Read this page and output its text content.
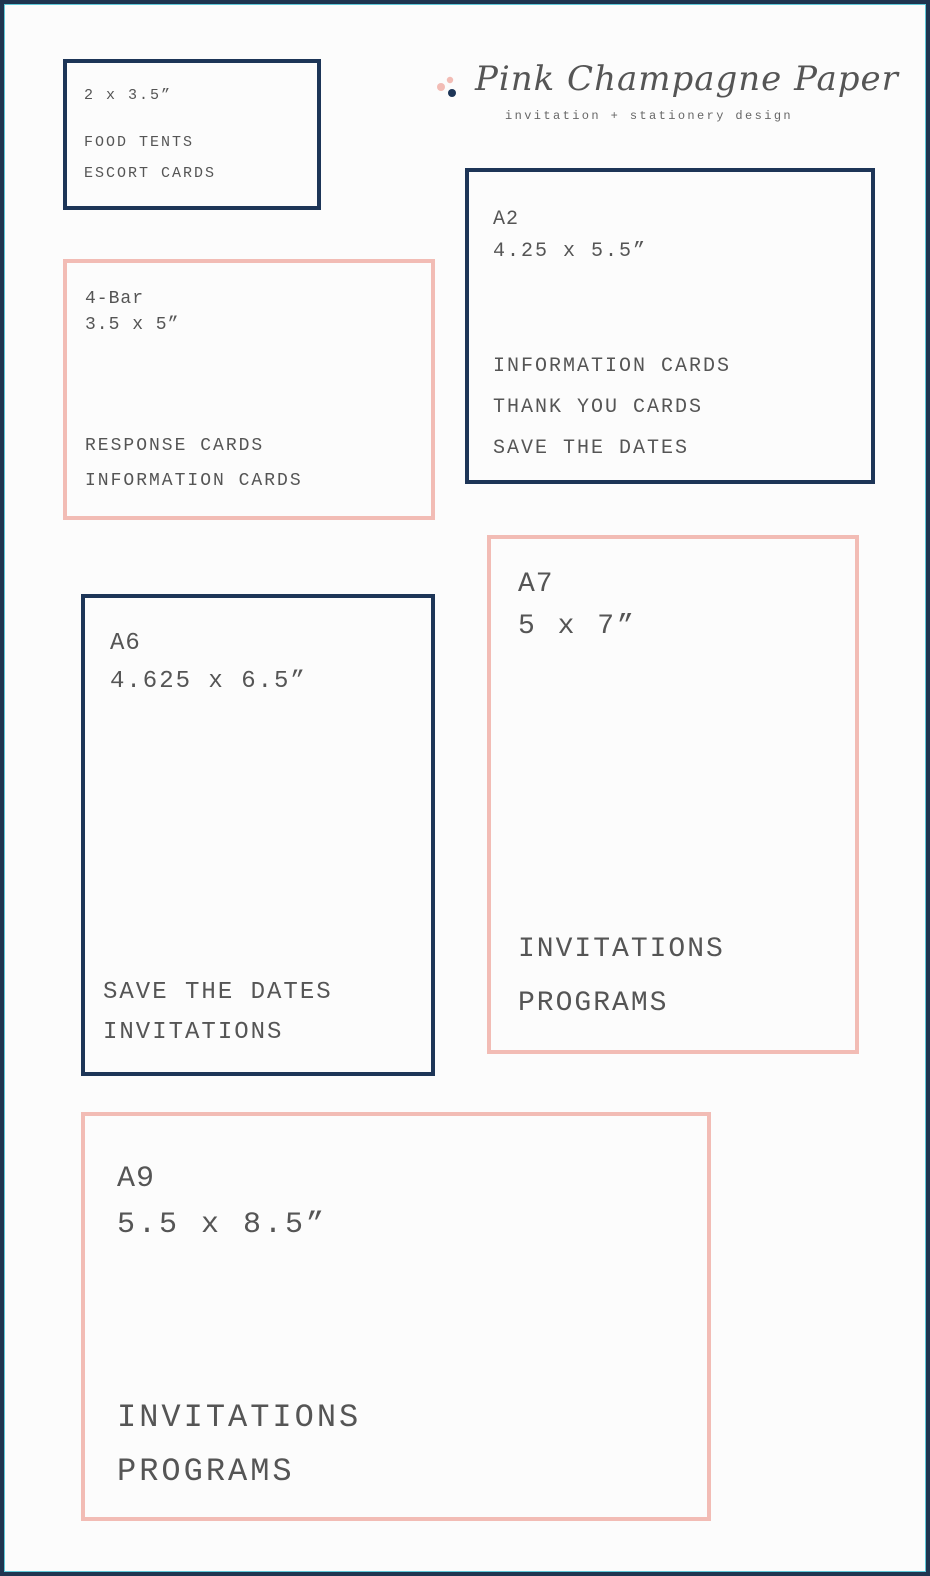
Pink Champagne Paper
invitation + stationery design
2 x 3.5”
FOOD TENTS
ESCORT CARDS
4-Bar
3.5 x 5”
RESPONSE CARDS
INFORMATION CARDS
A2
4.25 x 5.5”
INFORMATION CARDS
THANK YOU CARDS
SAVE THE DATES
A6
4.625 x 6.5”
SAVE THE DATES
INVITATIONS
A7
5 x 7”
INVITATIONS
PROGRAMS
A9
5.5 x 8.5”
INVITATIONS
PROGRAMS
